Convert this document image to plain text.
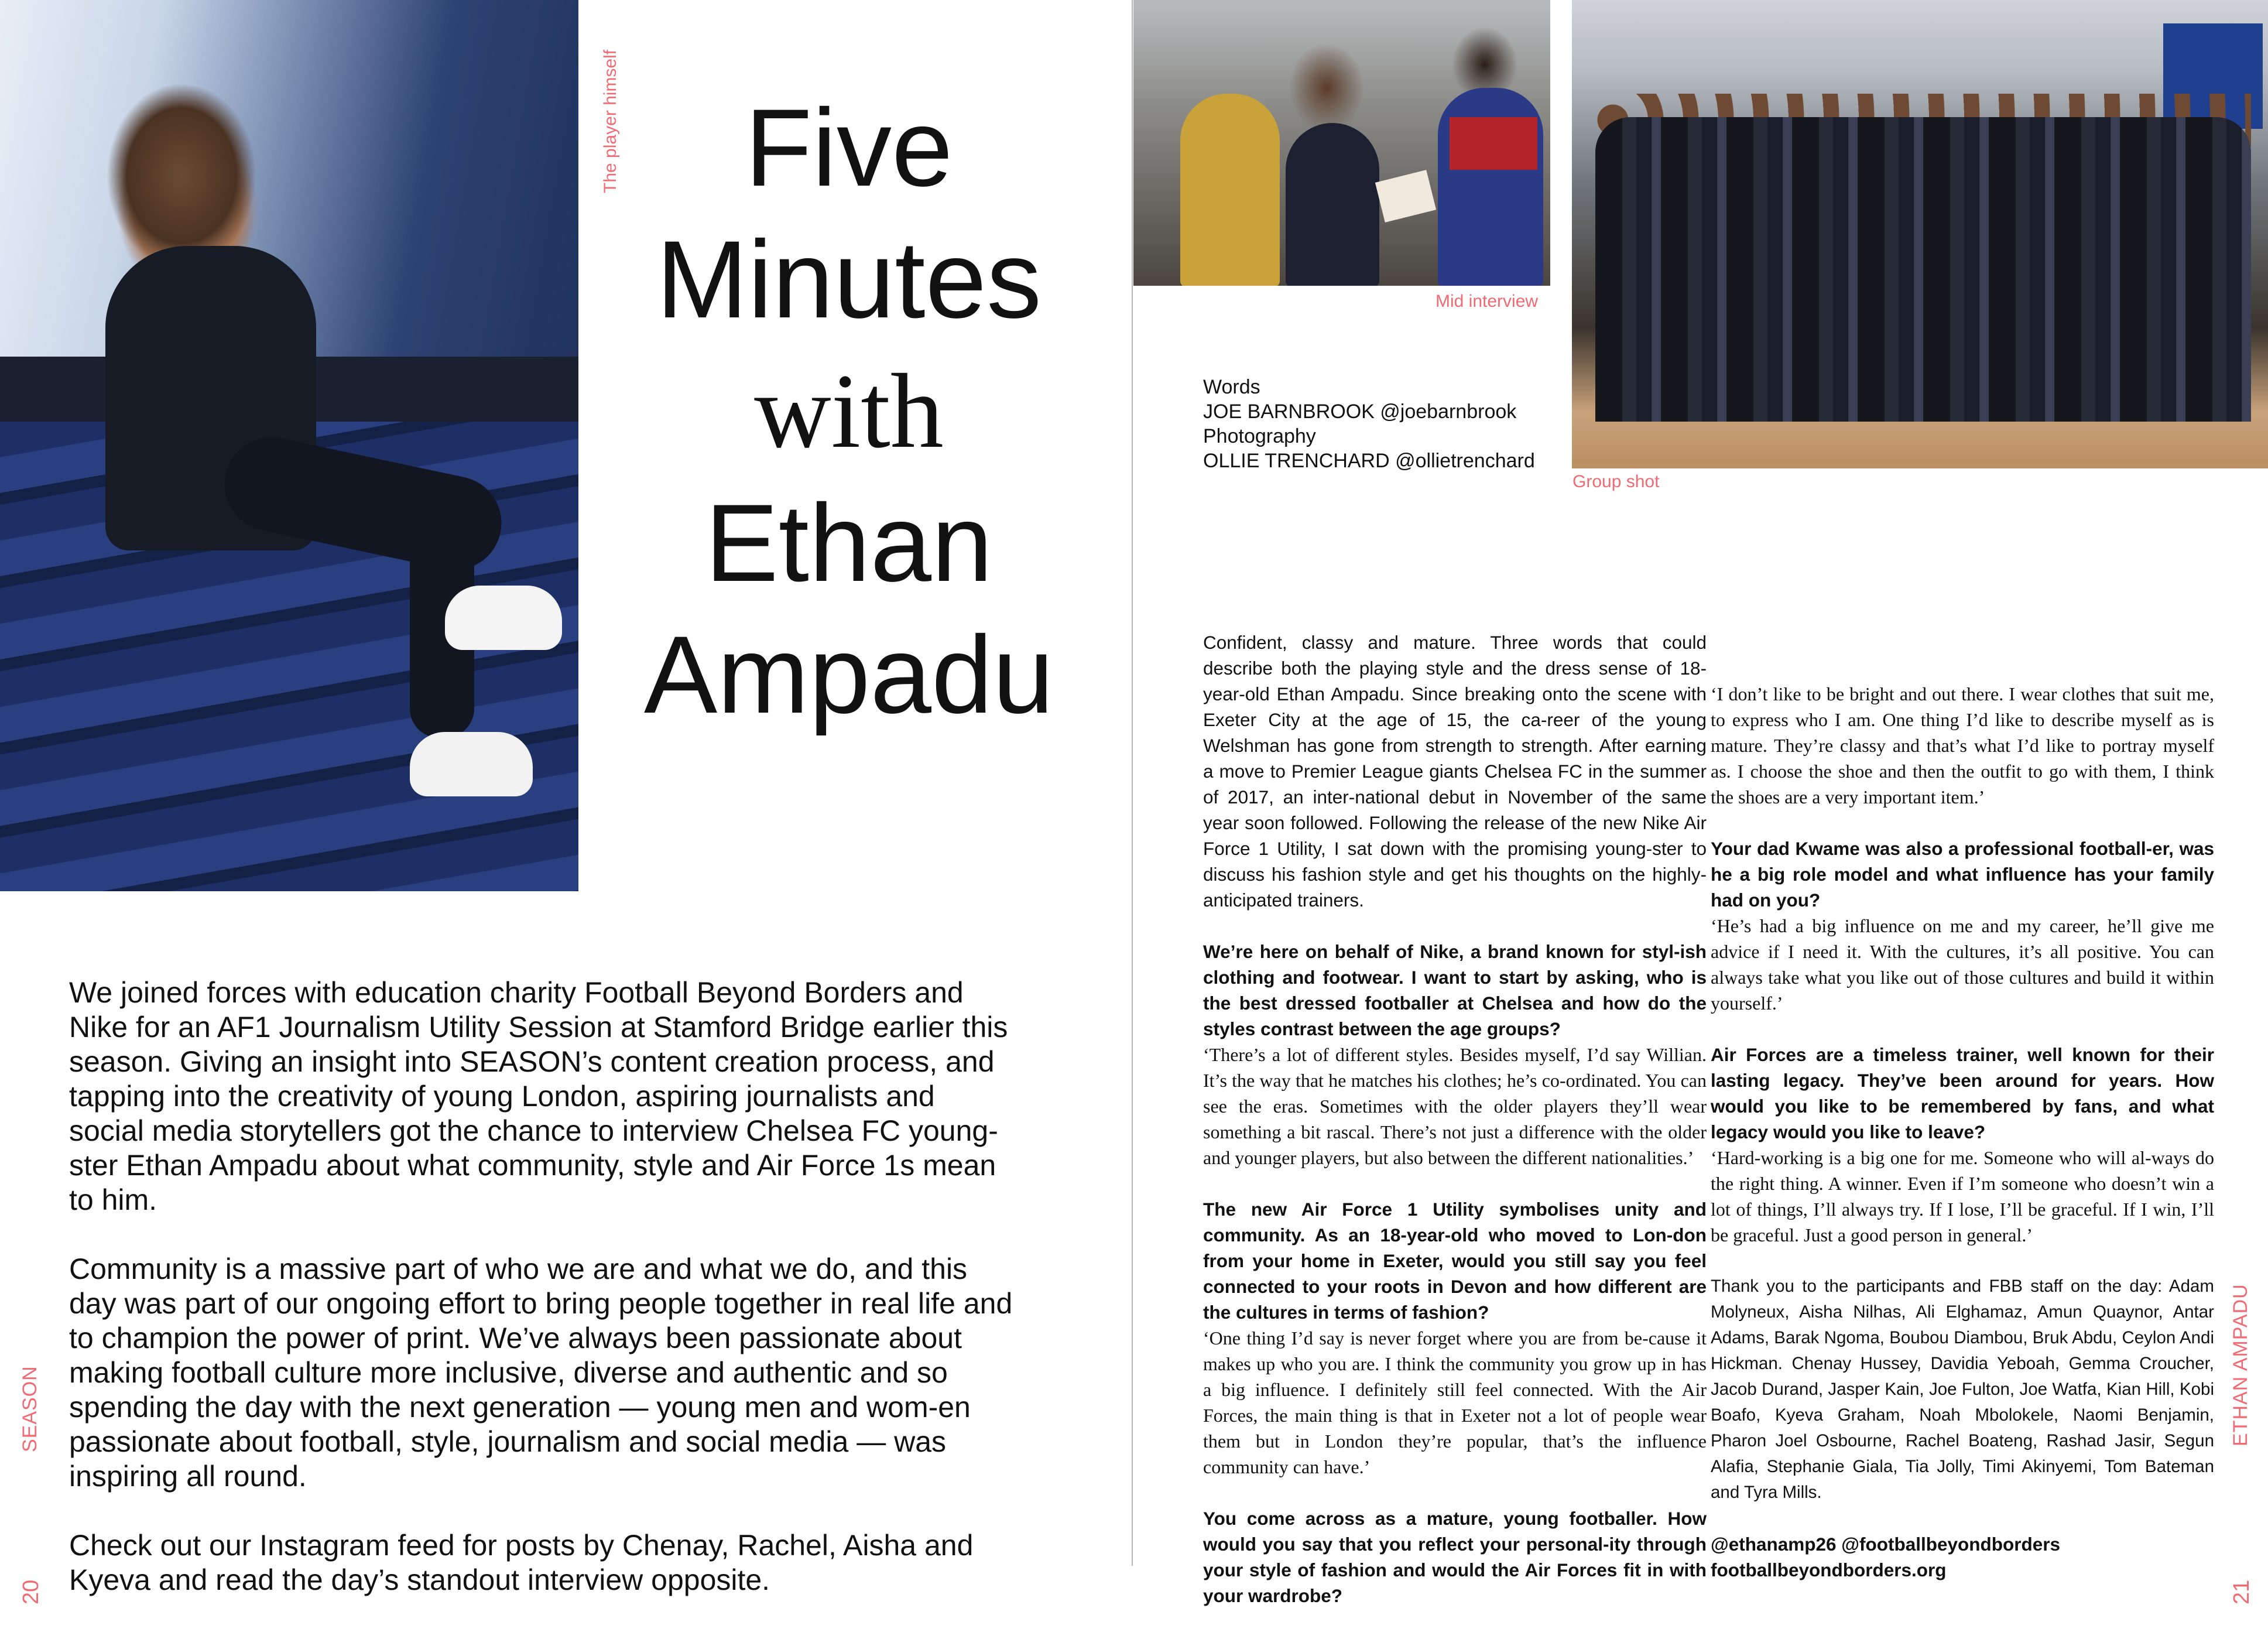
The player himself	Five
Minutes
with
Ethan
Ampadu

We joined forces with education charity Football Beyond Borders and Nike for an AF1 Journalism Utility Session at Stamford Bridge earlier this season. Giving an insight into SEASON’s content creation process, and tapping into the creativity of young London, aspiring journalists and social media storytellers got the chance to interview Chelsea FC young-ster Ethan Ampadu about what community, style and Air Force 1s mean to him.

Community is a massive part of who we are and what we do, and this day was part of our ongoing effort to bring people together in real life and to champion the power of print. We’ve always been passionate about making football culture more inclusive, diverse and authentic and so spending the day with the next generation — young men and wom-en passionate about football, style, journalism and social media — was inspiring all round.

Check out our Instagram feed for posts by Chenay, Rachel, Aisha and Kyeva and read the day’s standout interview opposite.

SEASON
20
Mid interview
Group shot
Words
JOE BARNBROOK @joebarnbrook
Photography
OLLIE TRENCHARD @ollietrenchard
Confident, classy and mature. Three words that could describe both the playing style and the dress sense of 18-year-old Ethan Ampadu. Since breaking onto the scene with Exeter City at the age of 15, the ca-reer of the young Welshman has gone from strength to strength. After earning a move to Premier League giants Chelsea FC in the summer of 2017, an inter-national debut in November of the same year soon followed. Following the release of the new Nike Air Force 1 Utility, I sat down with the promising young-ster to discuss his fashion style and get his thoughts on the highly-anticipated trainers.
We’re here on behalf of Nike, a brand known for styl-ish clothing and footwear. I want to start by asking, who is the best dressed footballer at Chelsea and how do the styles contrast between the age groups?
‘There’s a lot of different styles. Besides myself, I’d say Willian. It’s the way that he matches his clothes; he’s co-ordinated. You can see the eras. Sometimes with the older players they’ll wear something a bit rascal. There’s not just a difference with the older and younger players, but also between the different nationalities.’
The new Air Force 1 Utility symbolises unity and community. As an 18-year-old who moved to Lon-don from your home in Exeter, would you still say you feel connected to your roots in Devon and how different are the cultures in terms of fashion?
‘One thing I’d say is never forget where you are from be-cause it makes up who you are. I think the community you grow up in has a big influence. I definitely still feel connected. With the Air Forces, the main thing is that in Exeter not a lot of people wear them but in London they’re popular, that’s the influence community can have.’
You come across as a mature, young footballer. How would you say that you reflect your personal-ity through your style of fashion and would the Air Forces fit in with your wardrobe?
‘I don’t like to be bright and out there. I wear clothes that suit me, to express who I am. One thing I’d like to describe myself as is mature. They’re classy and that’s what I’d like to portray myself as. I choose the shoe and then the outfit to go with them, I think the shoes are a very important item.’
Your dad Kwame was also a professional football-er, was he a big role model and what influence has your family had on you?
‘He’s had a big influence on me and my career, he’ll give me advice if I need it. With the cultures, it’s all positive. You can always take what you like out of those cultures and build it within yourself.’
Air Forces are a timeless trainer, well known for their lasting legacy. They’ve been around for years. How would you like to be remembered by fans, and what legacy would you like to leave?
‘Hard-working is a big one for me. Someone who will al-ways do the right thing. A winner. Even if I’m someone who doesn’t win a lot of things, I’ll always try. If I lose, I’ll be graceful. If I win, I’ll be graceful. Just a good person in general.’
Thank you to the participants and FBB staff on the day: Adam Molyneux, Aisha Nilhas, Ali Elghamaz, Amun Quaynor, Antar Adams, Barak Ngoma, Boubou Diambou, Bruk Abdu, Ceylon Andi Hickman. Chenay Hussey, Davidia Yeboah, Gemma Croucher, Jacob Durand, Jasper Kain, Joe Fulton, Joe Watfa, Kian Hill, Kobi Boafo, Kyeva Graham, Noah Mbolokele, Naomi Benjamin, Pharon Joel Osbourne, Rachel Boateng, Rashad Jasir, Segun Alafia, Stephanie Giala, Tia Jolly, Timi Akinyemi, Tom Bateman and Tyra Mills.
@ethanamp26 @footballbeyondborders
footballbeyondborders.org
ETHAN AMPADU
21
